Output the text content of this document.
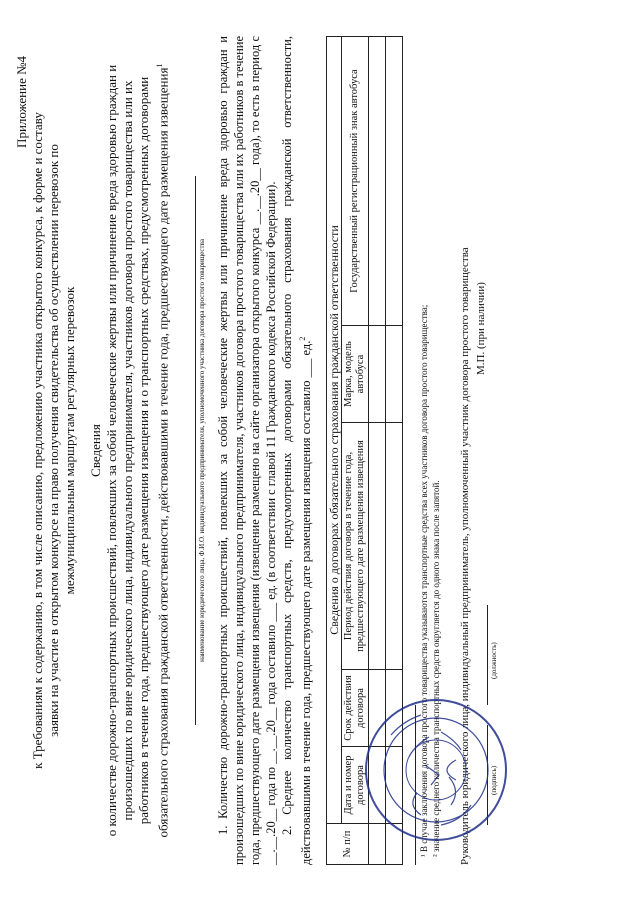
Приложение №4
к Требованиям к содержанию, в том числе описанию, предложению участника открытого конкурса, к форме и составу заявки на участие в открытом конкурсе на право получения свидетельства об осуществлении перевозок по межмуниципальным маршрутам регулярных перевозок Сведения о количестве дорожно-транспортных происшествий, повлекших за собой человеческие жертвы или причинение вреда здоровью граждан и произошедших по вине юридического лица, индивидуального предпринимателя, участников договора простого товарищества или их работников в течение года, предшествующего дате размещения извещения и о транспортных средствах, предусмотренных договорами обязательного страхования гражданской ответственности, действовавшими в течение года, предшествующего дате размещения извещения$^1$
наименование юридического лица, Ф.И.О. индивидуального предпринимателя, уполномоченного участника договора простого товарищества 1. Количество дорожно-транспортных происшествий, повлекших за собой человеческие жертвы или причинение вреда здоровью граждан и произошедших по вине юридического лица, индивидуального предпринимателя, участников договора простого товарищества или их работников в течение года, предшествующего дате размещения извещения (извещение размещено на сайте организатора открытого конкурса __.__.20__ года), то есть в период с __.__.20__ года по __.__.20__ года составило ___ ед. (в соответствии с главой 11 Гражданского кодекса Российской Федерации). 2. Среднее количество транспортных средств, предусмотренных договорами обязательного страхования гражданской ответственности, действовавшими в течение года, предшествующего дате размещения извещения составило ___ ед.$^2$
№ п/п	Сведения о договорах обязательного страхования гражданской ответственности				
	Дата и номер договора	Срок действия договора	Период действия договора в течение года, предшествующего дате размещения извещения	Марка, модель автобуса	Государственный регистрационный знак автобуса

¹ В случае заключения договора простого товарищества указываются транспортные средства всех участников договора простого товарищества; ² значение среднего количества транспортных средств округляется до одного знака после запятой. Руководитель юридического лица, индивидуальный предприниматель, уполномоченный участник договора простого товарищества	(подпись)
(должность)
М.П. (при наличии)
